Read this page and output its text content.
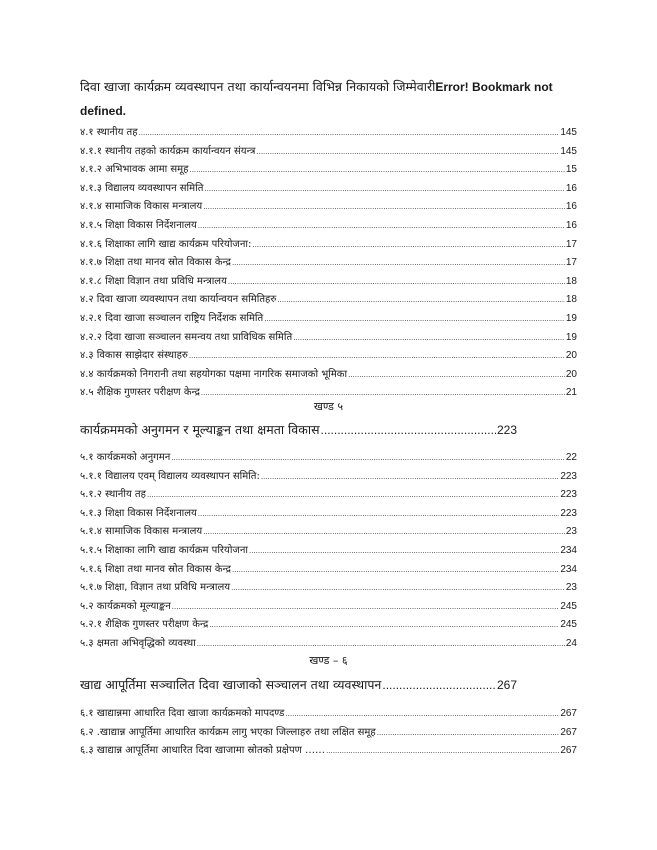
दिवा खाजा कार्यक्रम व्यवस्थापन तथा कार्यान्वयनमा विभिन्न निकायको जिम्मेवारीError! Bookmark not defined.
४.१ स्थानीय तह .....	145
४.१.१ स्थानीय तहको कार्यक्रम कार्यान्वयन संयन्त्र .....	145
४.१.२ अभिभावक आमा समूह .....	15
४.१.३ विद्यालय व्यवस्थापन समिति .....	16
४.१.४ सामाजिक विकास मन्त्रालय .....	16
४.१.५ शिक्षा विकास निर्देशनालय .....	16
४.१.६ शिक्षाका लागि खाद्य कार्यक्रम परियोजना: .....	17
४.१.७ शिक्षा तथा मानव स्रोत विकास केन्द्र .....	17
४.१.८ शिक्षा विज्ञान तथा प्रविधि मन्त्रालय .....	18
४.२ दिवा खाजा व्यवस्थापन तथा कार्यान्वयन समितिहरु .....	18
४.२.१ दिवा खाजा सञ्चालन राष्ट्रिय निर्देशक समिति .....	19
४.२.२ दिवा खाजा सञ्चालन समन्वय तथा प्राविधिक समिति .....	19
४.३ विकास साझेदार संस्थाहरु .....	20
४.४ कार्यक्रमको निगरानी तथा सहयोगका पक्षमा नागरिक समाजको भूमिका .....	20
४.५ शैक्षिक गुणस्तर परीक्षण केन्द्र .....	21
खण्ड ५
कार्यक्रममको अनुगमन र मूल्याङ्कन तथा क्षमता विकास .....	223
५.१ कार्यक्रमको अनुगमन .....	22
५.१.१ विद्यालय एवम् विद्यालय व्यवस्थापन समिति: .....	223
५.१.२ स्थानीय तह .....	223
५.१.३ शिक्षा विकास निर्देशनालय .....	223
५.१.४ सामाजिक विकास मन्त्रालय .....	23
५.१.५ शिक्षाका लागि खाद्य कार्यक्रम परियोजना .....	234
५.१.६ शिक्षा तथा मानव स्रोत विकास केन्द्र .....	234
५.१.७ शिक्षा, विज्ञान तथा प्रविधि मन्त्रालय .....	23
५.२ कार्यक्रमको मूल्याङ्कन .....	245
५.२.१ शैक्षिक गुणस्तर परीक्षण केन्द्र .....	245
५.३ क्षमता अभिवृद्धिको व्यवस्था .....	24
खण्ड – ६
खाद्य आपूर्तिमा सञ्चालित दिवा खाजाको सञ्चालन तथा व्यवस्थापन .....	267
६.१ खाद्यान्नमा आधारित दिवा खाजा कार्यक्रमको मापदण्ड .....	267
६.२ .खाद्यान्न आपूर्तिमा आधारित कार्यक्रम लागु भएका जिल्लाहरु तथा लक्षित समूह .....	267
६.३ खाद्यान्न आपूर्तिमा आधारित दिवा खाजामा स्रोतको प्रक्षेपण …… .....	267
